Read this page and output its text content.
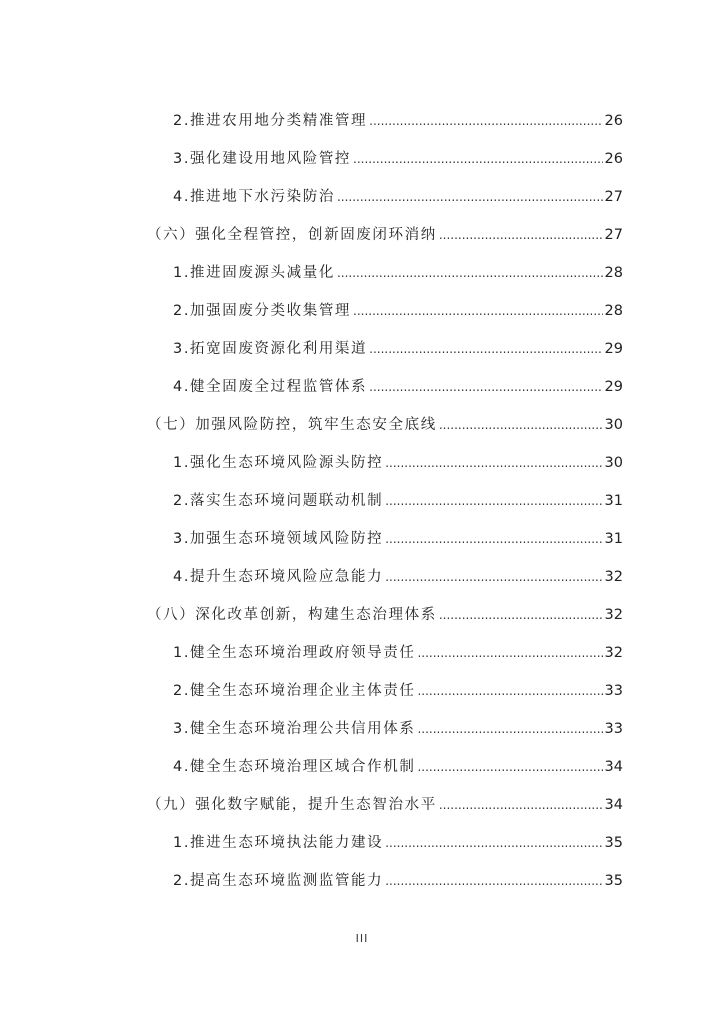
2.推进农用地分类精准管理 .....	26
3.强化建设用地风险管控 .....	26
4.推进地下水污染防治 .....	27
（六）强化全程管控，创新固废闭环消纳 .....	27
1.推进固废源头减量化 .....	28
2.加强固废分类收集管理 .....	28
3.拓宽固废资源化利用渠道 .....	29
4.健全固废全过程监管体系 .....	29
（七）加强风险防控，筑牢生态安全底线 .....	30
1.强化生态环境风险源头防控 .....	30
2.落实生态环境问题联动机制 .....	31
3.加强生态环境领域风险防控 .....	31
4.提升生态环境风险应急能力 .....	32
（八）深化改革创新，构建生态治理体系 .....	32
1.健全生态环境治理政府领导责任 .....	32
2.健全生态环境治理企业主体责任 .....	33
3.健全生态环境治理公共信用体系 .....	33
4.健全生态环境治理区域合作机制 .....	34
（九）强化数字赋能，提升生态智治水平 .....	34
1.推进生态环境执法能力建设 .....	35
2.提高生态环境监测监管能力 .....	35
III
